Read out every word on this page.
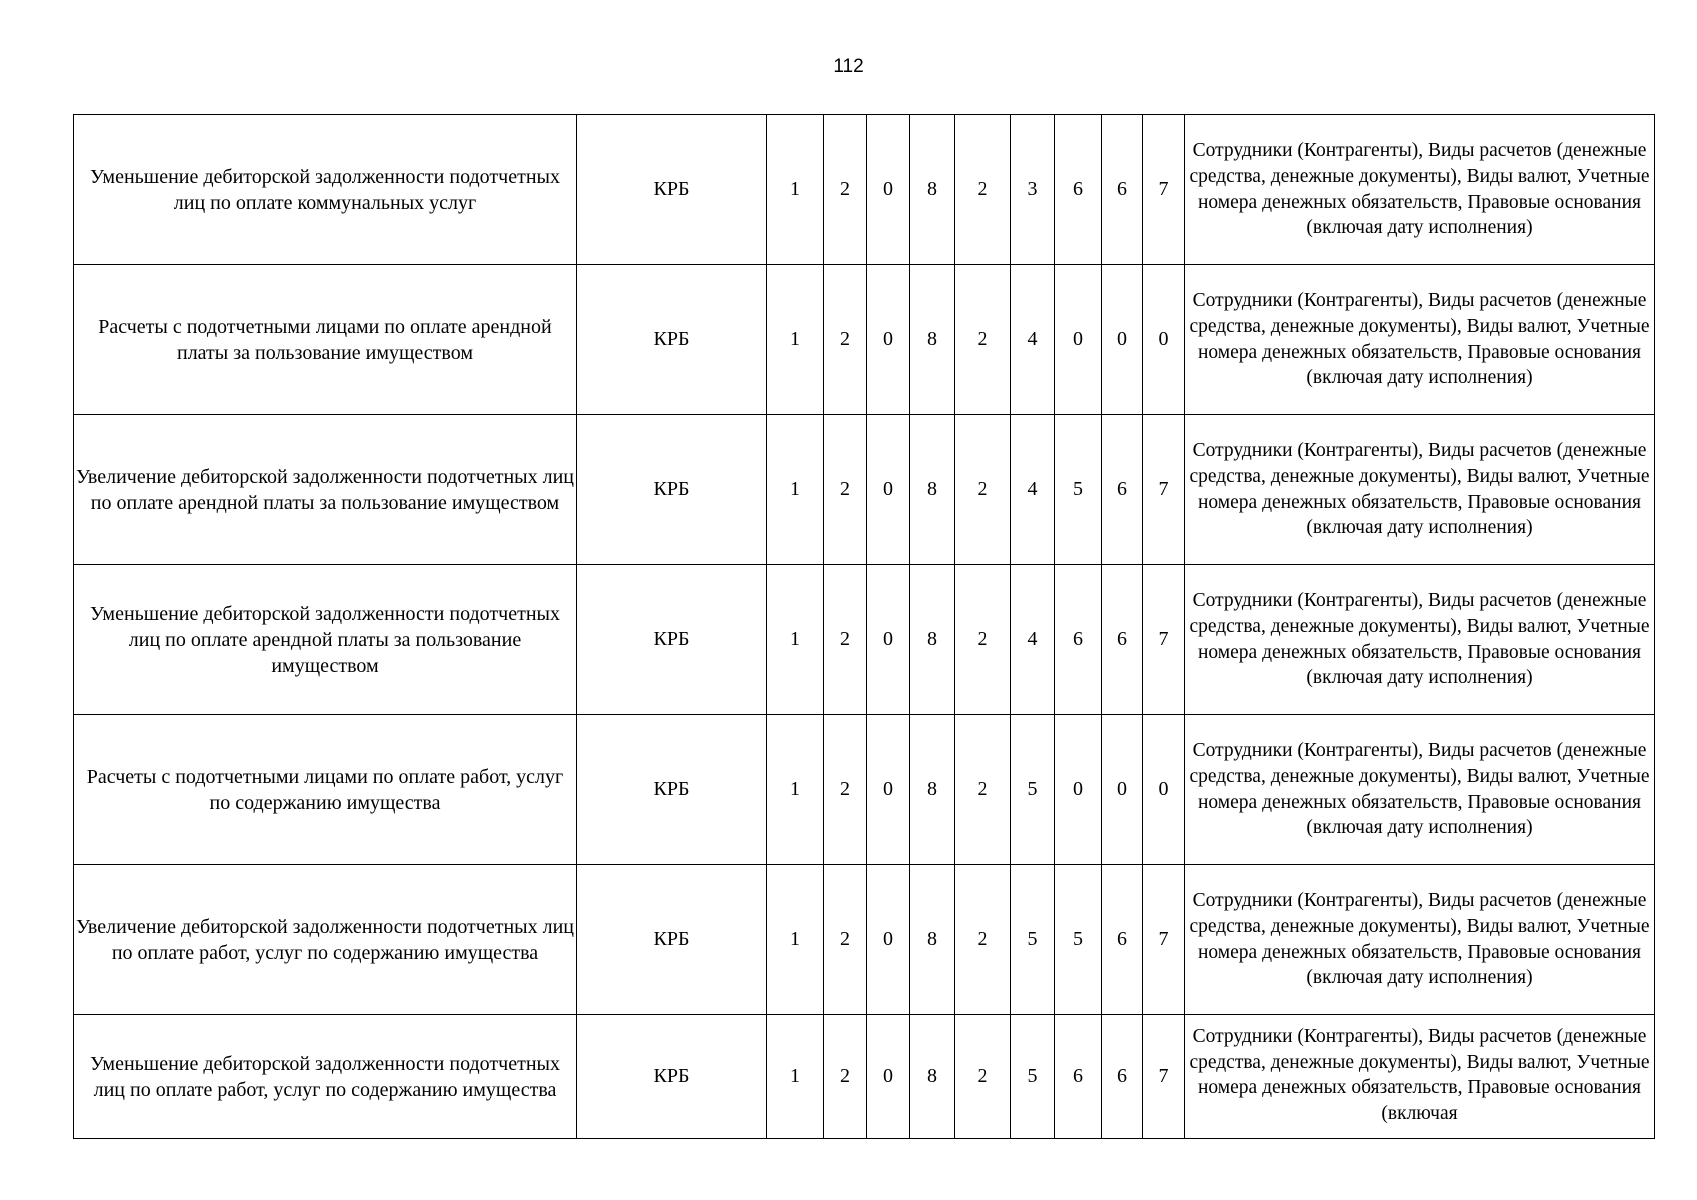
112
Уменьшение дебиторской задолженности подотчетных лиц по оплате коммунальных услуг	КРБ	1	2	0	8	2	3	6	6	7	Сотрудники (Контрагенты), Виды расчетов (денежные средства, денежные документы), Виды валют, Учетные номера денежных обязательств, Правовые основания (включая дату исполнения)
Расчеты с подотчетными лицами по оплате арендной платы за пользование имуществом	КРБ	1	2	0	8	2	4	0	0	0	Сотрудники (Контрагенты), Виды расчетов (денежные средства, денежные документы), Виды валют, Учетные номера денежных обязательств, Правовые основания (включая дату исполнения)
Увеличение дебиторской задолженности подотчетных лиц по оплате арендной платы за пользование имуществом	КРБ	1	2	0	8	2	4	5	6	7	Сотрудники (Контрагенты), Виды расчетов (денежные средства, денежные документы), Виды валют, Учетные номера денежных обязательств, Правовые основания (включая дату исполнения)
Уменьшение дебиторской задолженности подотчетных лиц по оплате арендной платы за пользование имуществом	КРБ	1	2	0	8	2	4	6	6	7	Сотрудники (Контрагенты), Виды расчетов (денежные средства, денежные документы), Виды валют, Учетные номера денежных обязательств, Правовые основания (включая дату исполнения)
Расчеты с подотчетными лицами по оплате работ, услуг по содержанию имущества	КРБ	1	2	0	8	2	5	0	0	0	Сотрудники (Контрагенты), Виды расчетов (денежные средства, денежные документы), Виды валют, Учетные номера денежных обязательств, Правовые основания (включая дату исполнения)
Увеличение дебиторской задолженности подотчетных лиц по оплате работ, услуг по содержанию имущества	КРБ	1	2	0	8	2	5	5	6	7	Сотрудники (Контрагенты), Виды расчетов (денежные средства, денежные документы), Виды валют, Учетные номера денежных обязательств, Правовые основания (включая дату исполнения)
Уменьшение дебиторской задолженности подотчетных лиц по оплате работ, услуг по содержанию имущества	КРБ	1	2	0	8	2	5	6	6	7	Сотрудники (Контрагенты), Виды расчетов (денежные средства, денежные документы), Виды валют, Учетные номера денежных обязательств, Правовые основания (включая
